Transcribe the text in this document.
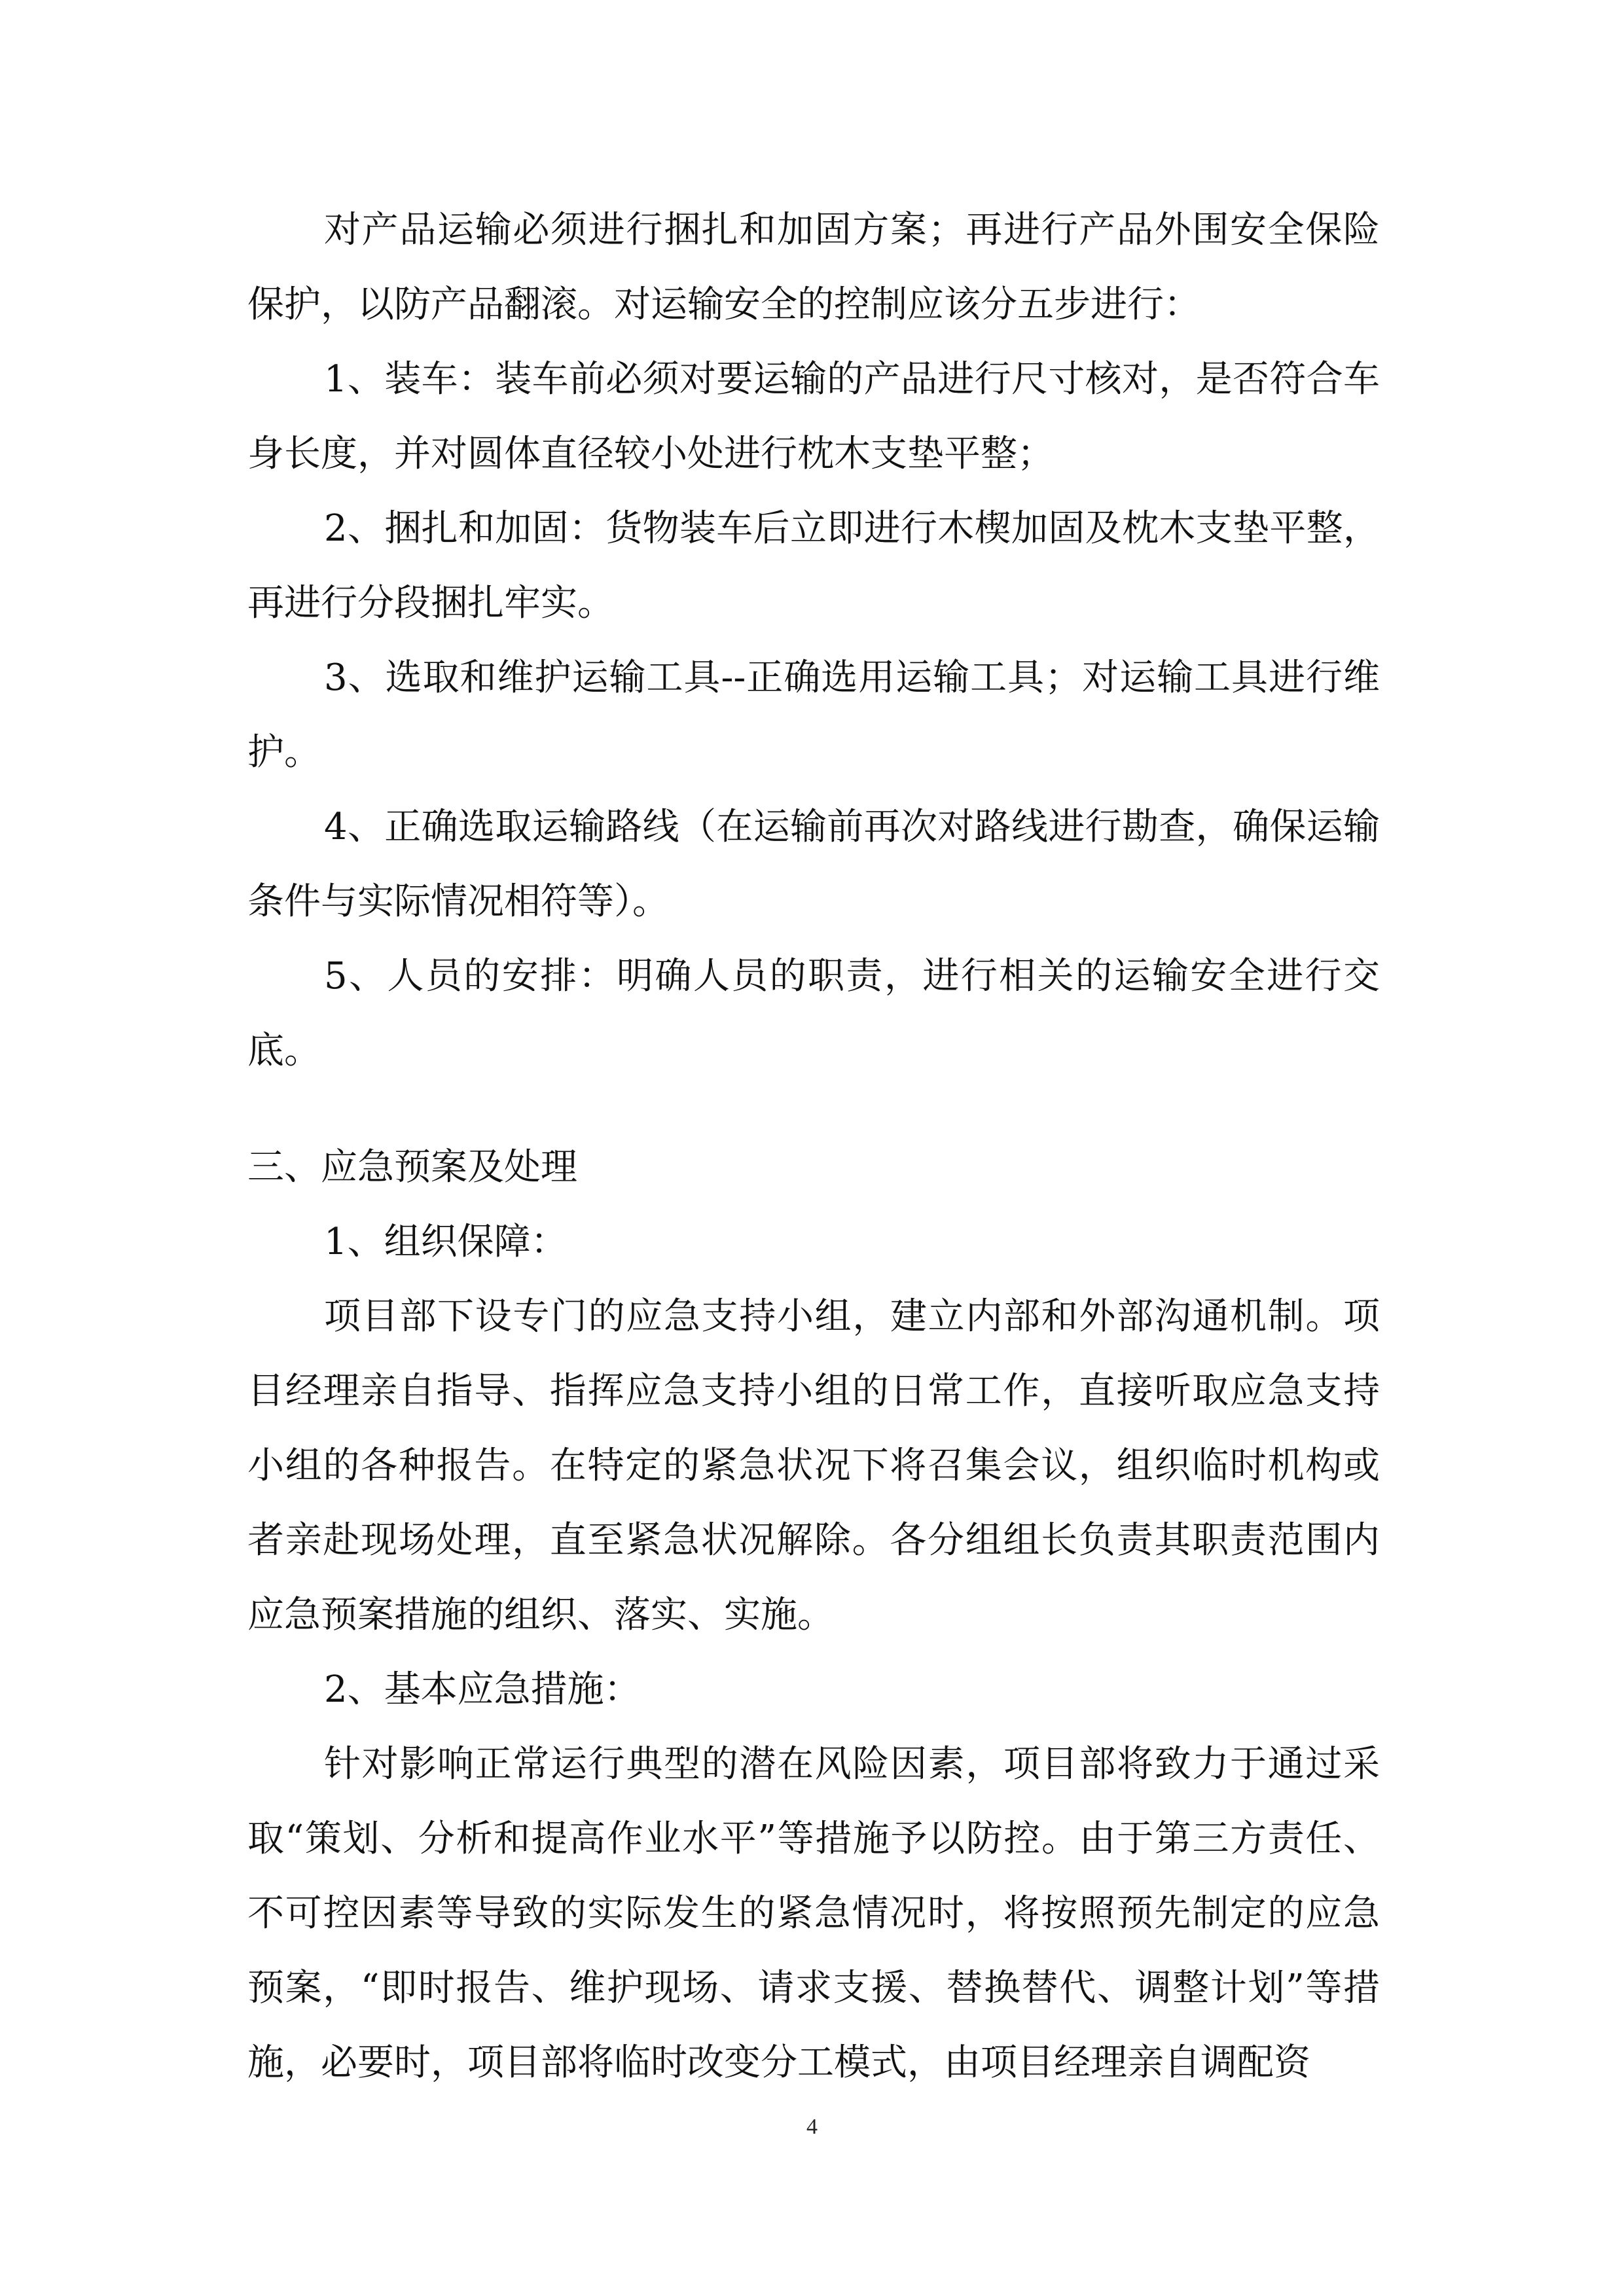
对产品运输必须进行捆扎和加固方案；再进行产品外围安全保险保护，以防产品翻滚。对运输安全的控制应该分五步进行：

1、装车：装车前必须对要运输的产品进行尺寸核对，是否符合车身长度，并对圆体直径较小处进行枕木支垫平整；

2、捆扎和加固：货物装车后立即进行木楔加固及枕木支垫平整，再进行分段捆扎牢实。

3、选取和维护运输工具--正确选用运输工具；对运输工具进行维护。

4、正确选取运输路线（在运输前再次对路线进行勘查，确保运输条件与实际情况相符等）。

5、人员的安排：明确人员的职责，进行相关的运输安全进行交底。

三、应急预案及处理

1、组织保障：

项目部下设专门的应急支持小组，建立内部和外部沟通机制。项目经理亲自指导、指挥应急支持小组的日常工作，直接听取应急支持小组的各种报告。在特定的紧急状况下将召集会议，组织临时机构或者亲赴现场处理，直至紧急状况解除。各分组组长负责其职责范围内应急预案措施的组织、落实、实施。

2、基本应急措施：

针对影响正常运行典型的潜在风险因素，项目部将致力于通过采取“策划、分析和提高作业水平”等措施予以防控。由于第三方责任、不可控因素等导致的实际发生的紧急情况时，将按照预先制定的应急预案，“即时报告、维护现场、请求支援、替换替代、调整计划”等措施，必要时，项目部将临时改变分工模式，由项目经理亲自调配资

4
